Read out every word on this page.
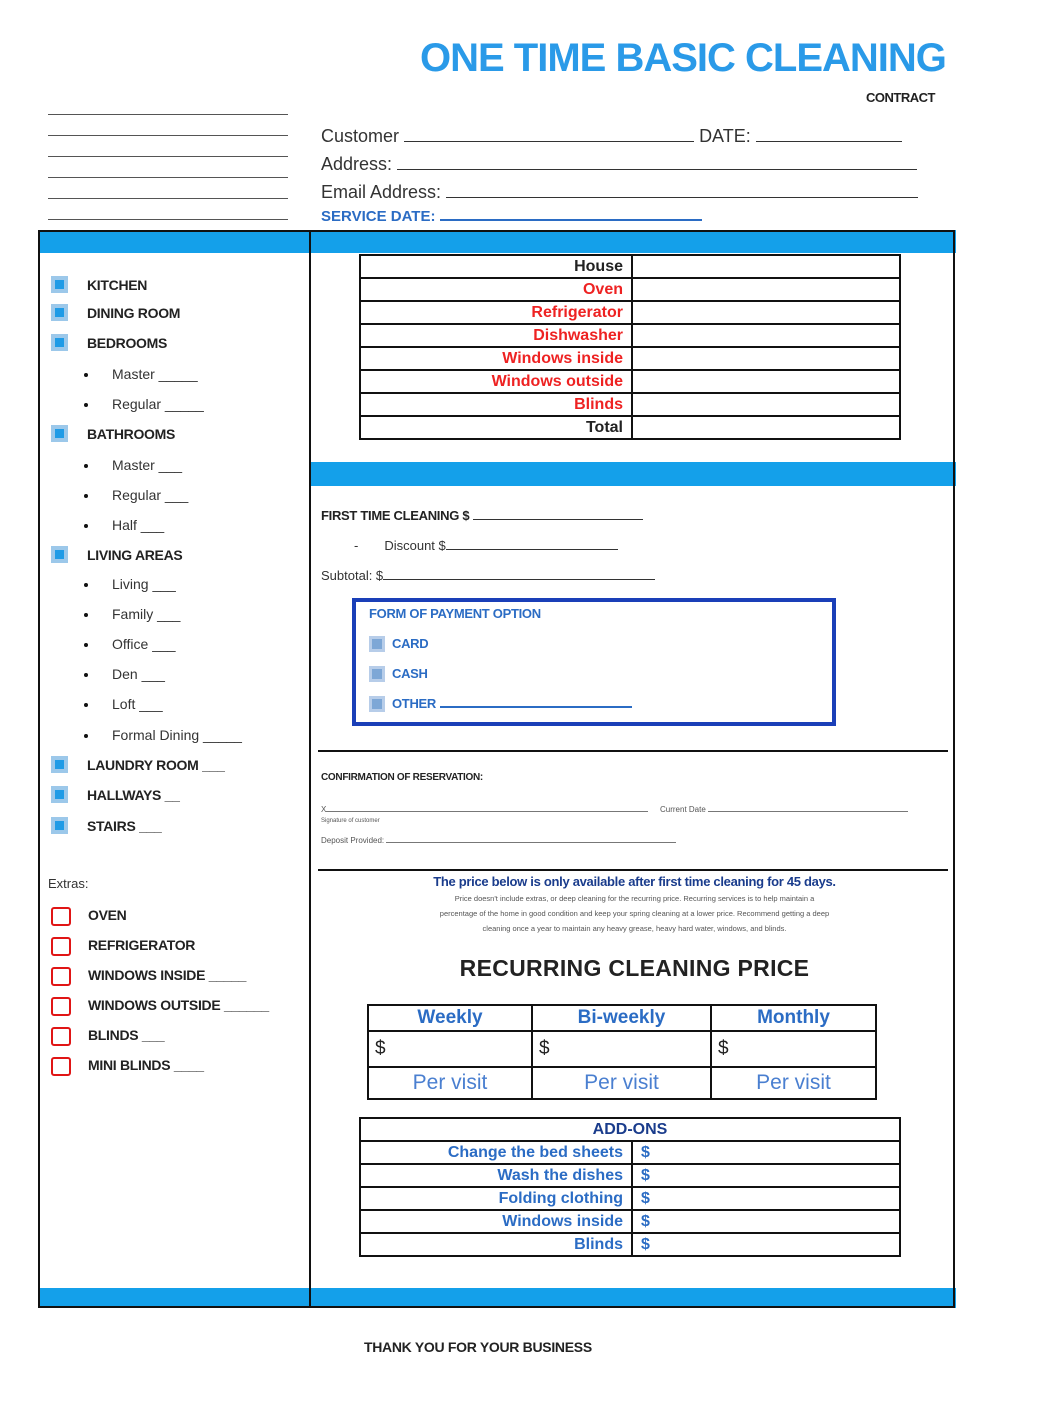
ONE TIME BASIC CLEANING
CONTRACT
Customer	DATE:
Address:
Email Address:
SERVICE DATE:
KITCHEN
DINING ROOM
BEDROOMS
Master _____
Regular _____
BATHROOMS
Master ___
Regular ___
Half ___
LIVING AREAS
Living ___
Family ___
Office ___
Den ___
Loft ___
Formal Dining _____
LAUNDRY ROOM ___
HALLWAYS __
STAIRS ___
Extras:
OVEN
REFRIGERATOR
WINDOWS INSIDE _____
WINDOWS OUTSIDE ______
BLINDS ___
MINI BLINDS ____
House	
Oven	
Refrigerator	
Dishwasher	
Windows inside	
Windows outside	
Blinds	
Total	
FIRST TIME CLEANING $
- Discount $
Subtotal: $
FORM OF PAYMENT OPTION
CARD
CASH
OTHER
CONFIRMATION OF RESERVATION:
X	Current Date
Signature of customer
Deposit Provided:
The price below is only available after first time cleaning for 45 days.
Price doesn't include extras, or deep cleaning for the recurring price. Recurring services is to help maintain a
percentage of the home in good condition and keep your spring cleaning at a lower price. Recommend getting a deep
cleaning once a year to maintain any heavy grease, heavy hard water, windows, and blinds.
RECURRING CLEANING PRICE
Weekly	Bi-weekly	Monthly
$	$	$
Per visit	Per visit	Per visit
ADD-ONS	
Change the bed sheets	$
Wash the dishes	$
Folding clothing	$
Windows inside	$
Blinds	$
THANK YOU FOR YOUR BUSINESS
